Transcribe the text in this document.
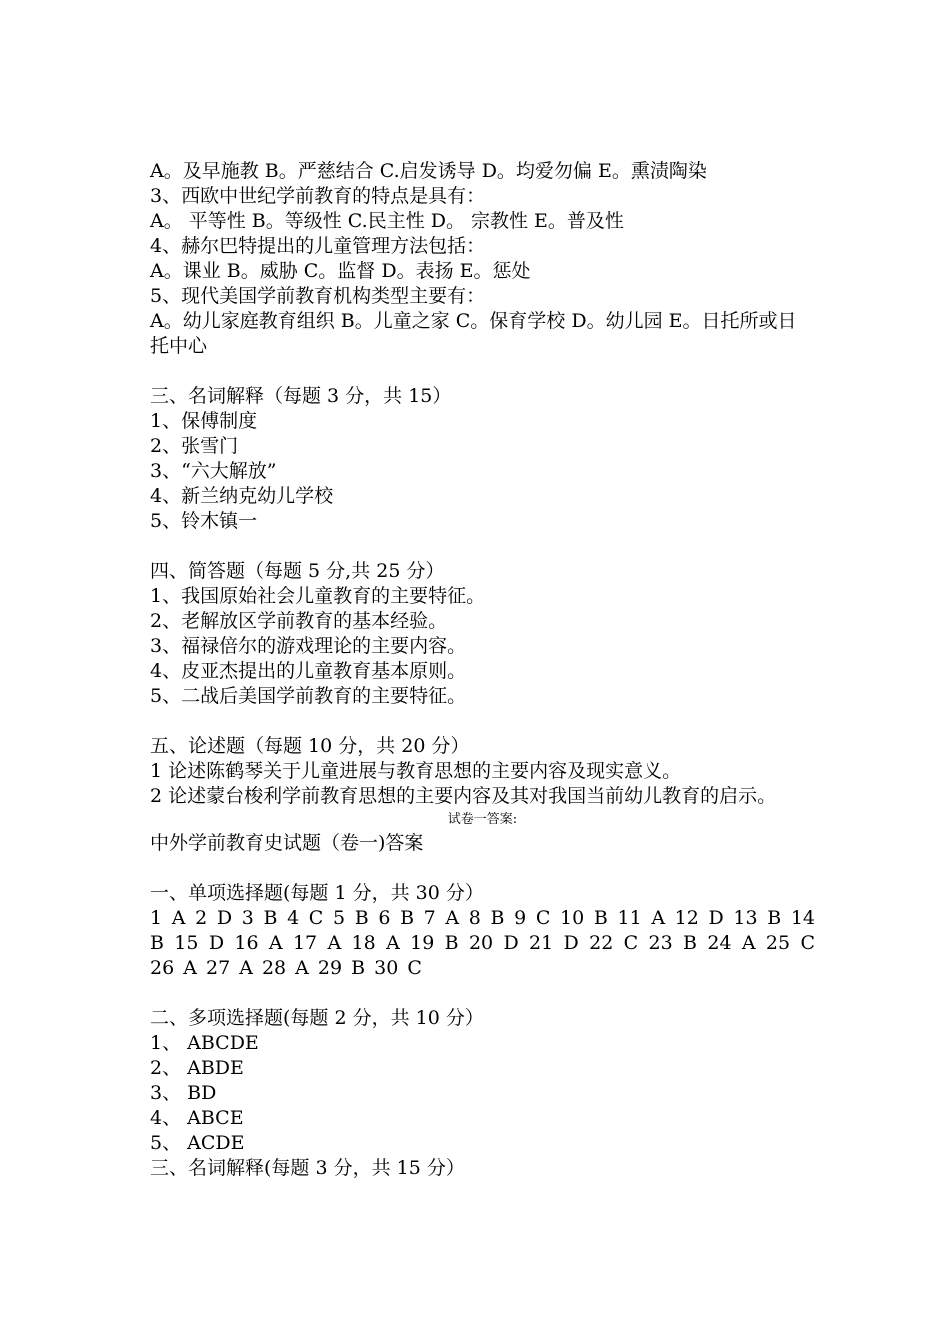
A。及早施教 B。严慈结合 C.启发诱导 D。均爱勿偏 E。熏渍陶染
3、西欧中世纪学前教育的特点是具有：
A。 平等性 B。等级性 C.民主性 D。 宗教性 E。普及性
4、赫尔巴特提出的儿童管理方法包括：
A。课业 B。威胁 C。监督 D。表扬 E。惩处
5、现代美国学前教育机构类型主要有：
A。幼儿家庭教育组织 B。儿童之家 C。保育学校 D。幼儿园 E。日托所或日托中心
三、名词解释（每题 3 分，共 15）
1、保傅制度
2、张雪门
3、“六大解放”
4、新兰纳克幼儿学校
5、铃木镇一
四、简答题（每题 5 分,共 25 分）
1、我国原始社会儿童教育的主要特征。
2、老解放区学前教育的基本经验。
3、福禄倍尔的游戏理论的主要内容。
4、皮亚杰提出的儿童教育基本原则。
5、二战后美国学前教育的主要特征。
五、论述题（每题 10 分，共 20 分）
1 论述陈鹤琴关于儿童进展与教育思想的主要内容及现实意义。
2 论述蒙台梭利学前教育思想的主要内容及其对我国当前幼儿教育的启示。
试卷一答案:
中外学前教育史试题（卷一)答案
一、单项选择题(每题 1 分，共 30 分）
1 A 2 D 3 B 4 C 5 B 6 B 7 A 8 B 9 C 10 B 11 A 12 D 13 B 14 B 15 D 16 A 17 A 18 A 19 B 20 D 21 D 22 C 23 B 24 A 25 C 26 A 27 A 28 A 29 B 30 C
二、多项选择题(每题 2 分，共 10 分）
1、 ABCDE
2、 ABDE
3、 BD
4、 ABCE
5、 ACDE
三、名词解释(每题 3 分，共 15 分）
